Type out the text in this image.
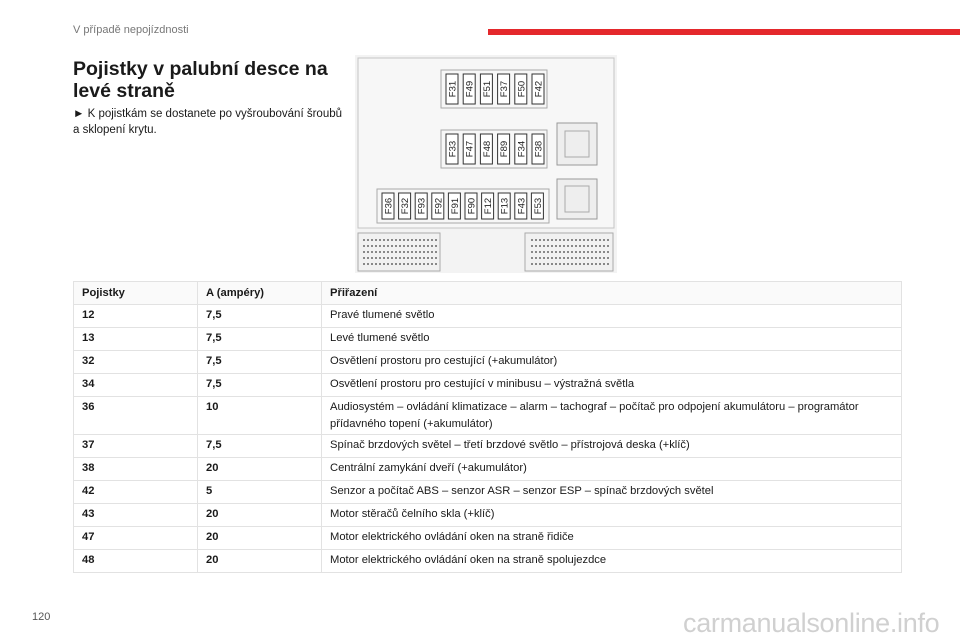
V případě nepojízdnosti
Pojistky v palubní desce na levé straně
► K pojistkám se dostanete po vyšroubování šroubů a sklopení krytu.
F31 F49 F51 F37 F50 F42
F33 F47 F48 F89 F34 F38
F36 F32 F93 F92 F91 F90 F12 F13 F43 F53
Pojistky	A (ampéry)	Přiřazení
12	7,5	Pravé tlumené světlo
13	7,5	Levé tlumené světlo
32	7,5	Osvětlení prostoru pro cestující (+akumulátor)
34	7,5	Osvětlení prostoru pro cestující v minibusu – výstražná světla
36	10	Audiosystém – ovládání klimatizace – alarm – tachograf – počítač pro odpojení akumulátoru – programátor přídavného topení (+akumulátor)
37	7,5	Spínač brzdových světel – třetí brzdové světlo – přístrojová deska (+klíč)
38	20	Centrální zamykání dveří (+akumulátor)
42	5	Senzor a počítač ABS – senzor ASR – senzor ESP – spínač brzdových světel
43	20	Motor stěračů čelního skla (+klíč)
47	20	Motor elektrického ovládání oken na straně řidiče
48	20	Motor elektrického ovládání oken na straně spolujezdce
120	carmanualsonline.info
